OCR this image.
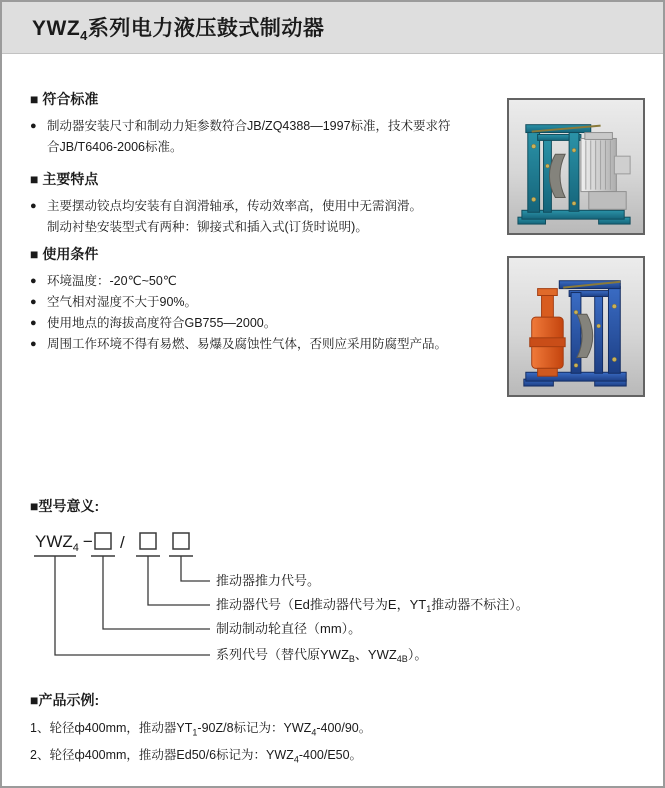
$YWZ_4$系列电力液压鼓式制动器

■ 符合标准

● 制动器安装尺寸和制动力矩参数符合JB/ZQ4388—1997标准，技术要求符
合JB/T6406-2006标准。

■ 主要特点

● 主要摆动铰点均安装有自润滑轴承，传动效率高，使用中无需润滑。
制动衬垫安装型式有两种：铆接式和插入式(订货时说明)。

■ 使用条件

● 环境温度：-20℃~50℃
● 空气相对湿度不大于90%。
● 使用地点的海拔高度符合GB755—2000。
● 周围工作环境不得有易燃、易爆及腐蚀性气体，否则应采用防腐型产品。

■型号意义:

$YWZ_4$ − /
推动器推力代号。
推动器代号（Ed推动器代号为E，$YT_1$推动器不标注）。
制动制动轮直径（mm）。
系列代号（替代原$YWZ_B$、$YWZ_{4B}$）。

■产品示例:

1、轮径ф400mm，推动器$YT_1-90Z/8$标记为：$YWZ_4-400/90$。
2、轮径ф400mm，推动器Ed50/6标记为：$YWZ_4-400/E50$。
